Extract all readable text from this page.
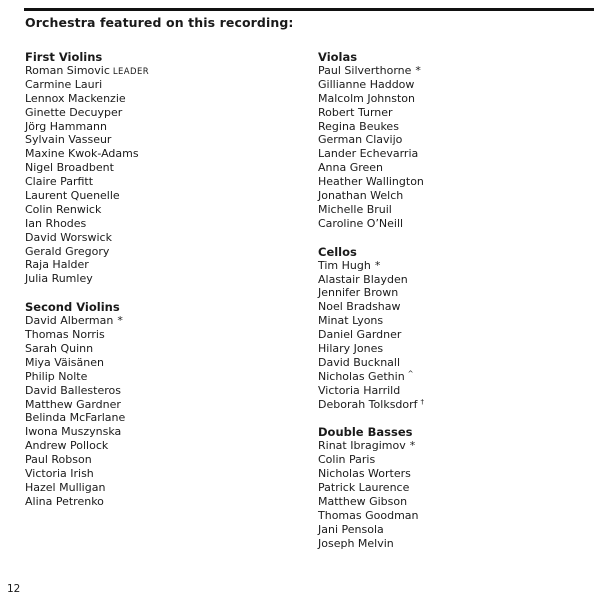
Orchestra featured on this recording:
First Violins
Roman Simovic LEADER
Carmine Lauri
Lennox Mackenzie
Ginette Decuyper
Jörg Hammann
Sylvain Vasseur
Maxine Kwok-Adams
Nigel Broadbent
Claire Parfitt
Laurent Quenelle
Colin Renwick
Ian Rhodes
David Worswick
Gerald Gregory
Raja Halder
Julia Rumley
Second Violins
David Alberman *
Thomas Norris
Sarah Quinn
Miya Väisänen
Philip Nolte
David Ballesteros
Matthew Gardner
Belinda McFarlane
Iwona Muszynska
Andrew Pollock
Paul Robson
Victoria Irish
Hazel Mulligan
Alina Petrenko
Violas
Paul Silverthorne *
Gillianne Haddow
Malcolm Johnston
Robert Turner
Regina Beukes
German Clavijo
Lander Echevarria
Anna Green
Heather Wallington
Jonathan Welch
Michelle Bruil
Caroline O’Neill
Cellos
Tim Hugh *
Alastair Blayden
Jennifer Brown
Noel Bradshaw
Minat Lyons
Daniel Gardner
Hilary Jones
David Bucknall
Nicholas Gethin ^
Victoria Harrild
Deborah Tolksdorf †
Double Basses
Rinat Ibragimov *
Colin Paris
Nicholas Worters
Patrick Laurence
Matthew Gibson
Thomas Goodman
Jani Pensola
Joseph Melvin
12
